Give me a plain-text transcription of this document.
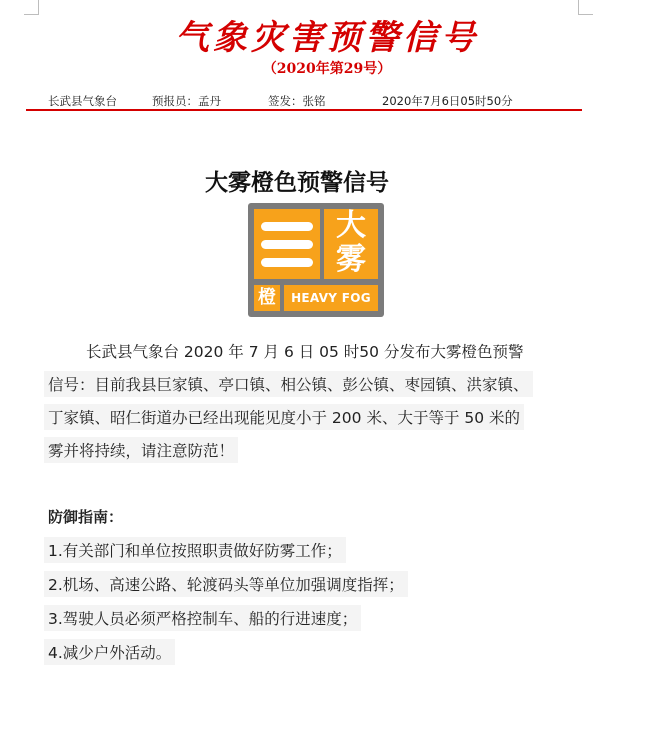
气象灾害预警信号
（2020年第29号）
长武县气象台	预报员：孟丹	签发：张铭	2020年7月6日05时50分
大雾橙色预警信号
大
雾
橙	HEAVY FOG
长武县气象台 2020 年 7 月 6 日 05 时50 分发布大雾橙色预警
信号：目前我县巨家镇、亭口镇、相公镇、彭公镇、枣园镇、洪家镇、
丁家镇、昭仁街道办已经出现能见度小于 200 米、大于等于 50 米的
雾并将持续，请注意防范！
防御指南：
1.有关部门和单位按照职责做好防雾工作；
2.机场、高速公路、轮渡码头等单位加强调度指挥；
3.驾驶人员必须严格控制车、船的行进速度；
4.减少户外活动。
